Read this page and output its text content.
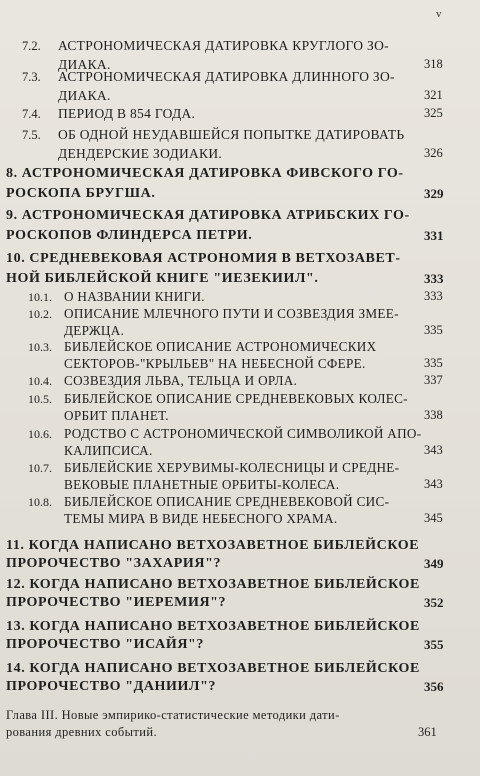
v
7.2. АСТРОНОМИЧЕСКАЯ ДАТИРОВКА КРУГЛОГО ЗО-
ДИАКА.	318
7.3. АСТРОНОМИЧЕСКАЯ ДАТИРОВКА ДЛИННОГО ЗО-
ДИАКА.	321
7.4. ПЕРИОД В 854 ГОДА.	325
7.5. ОБ ОДНОЙ НЕУДАВШЕЙСЯ ПОПЫТКЕ ДАТИРОВАТЬ
ДЕНДЕРСКИЕ ЗОДИАКИ.	326
8. АСТРОНОМИЧЕСКАЯ ДАТИРОВКА ФИВСКОГО ГО-
РОСКОПА БРУГША.	329
9. АСТРОНОМИЧЕСКАЯ ДАТИРОВКА АТРИБСКИХ ГО-
РОСКОПОВ ФЛИНДЕРСА ПЕТРИ.	331
10. СРЕДНЕВЕКОВАЯ АСТРОНОМИЯ В ВЕТХОЗАВЕТ-
НОЙ БИБЛЕЙСКОЙ КНИГЕ "ИЕЗЕКИИЛ".	333
10.1. О НАЗВАНИИ КНИГИ.	333
10.2. ОПИСАНИЕ МЛЕЧНОГО ПУТИ И СОЗВЕЗДИЯ ЗМЕЕ-
ДЕРЖЦА.	335
10.3. БИБЛЕЙСКОЕ ОПИСАНИЕ АСТРОНОМИЧЕСКИХ
СЕКТОРОВ-"КРЫЛЬЕВ" НА НЕБЕСНОЙ СФЕРЕ.	335
10.4. СОЗВЕЗДИЯ ЛЬВА, ТЕЛЬЦА И ОРЛА.	337
10.5. БИБЛЕЙСКОЕ ОПИСАНИЕ СРЕДНЕВЕКОВЫХ КОЛЕС-
ОРБИТ ПЛАНЕТ.	338
10.6. РОДСТВО С АСТРОНОМИЧЕСКОЙ СИМВОЛИКОЙ АПО-
КАЛИПСИСА.	343
10.7. БИБЛЕЙСКИЕ ХЕРУВИМЫ-КОЛЕСНИЦЫ И СРЕДНЕ-
ВЕКОВЫЕ ПЛАНЕТНЫЕ ОРБИТЫ-КОЛЕСА.	343
10.8. БИБЛЕЙСКОЕ ОПИСАНИЕ СРЕДНЕВЕКОВОЙ СИС-
ТЕМЫ МИРА В ВИДЕ НЕБЕСНОГО ХРАМА.	345
11. КОГДА НАПИСАНО ВЕТХОЗАВЕТНОЕ БИБЛЕЙСКОЕ
ПРОРОЧЕСТВО "ЗАХАРИЯ"?	349
12. КОГДА НАПИСАНО ВЕТХОЗАВЕТНОЕ БИБЛЕЙСКОЕ
ПРОРОЧЕСТВО "ИЕРЕМИЯ"?	352
13. КОГДА НАПИСАНО ВЕТХОЗАВЕТНОЕ БИБЛЕЙСКОЕ
ПРОРОЧЕСТВО "ИСАЙЯ"?	355
14. КОГДА НАПИСАНО ВЕТХОЗАВЕТНОЕ БИБЛЕЙСКОЕ
ПРОРОЧЕСТВО "ДАНИИЛ"?	356
Глава III. Новые эмпирико-статистические методики дати-
рования древних событий.	361
